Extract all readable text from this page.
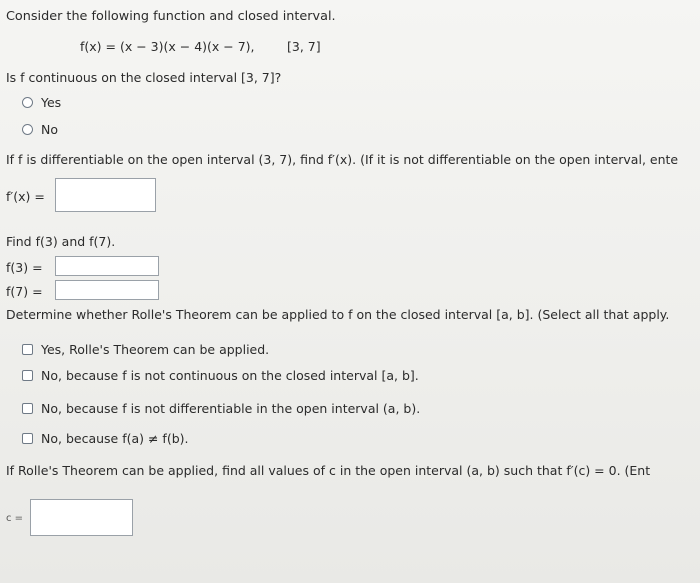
Consider the following function and closed interval.
f(x) = (x − 3)(x − 4)(x − 7),	[3, 7]
Is f continuous on the closed interval [3, 7]?
Yes
No
If f is differentiable on the open interval (3, 7), find f′(x). (If it is not differentiable on the open interval, ente
f′(x) =
Find f(3) and f(7).
f(3) =
f(7) =
Determine whether Rolle's Theorem can be applied to f on the closed interval [a, b]. (Select all that apply.
Yes, Rolle's Theorem can be applied.
No, because f is not continuous on the closed interval [a, b].
No, because f is not differentiable in the open interval (a, b).
No, because f(a) ≠ f(b).
If Rolle's Theorem can be applied, find all values of c in the open interval (a, b) such that f′(c) = 0. (Ent
c =
